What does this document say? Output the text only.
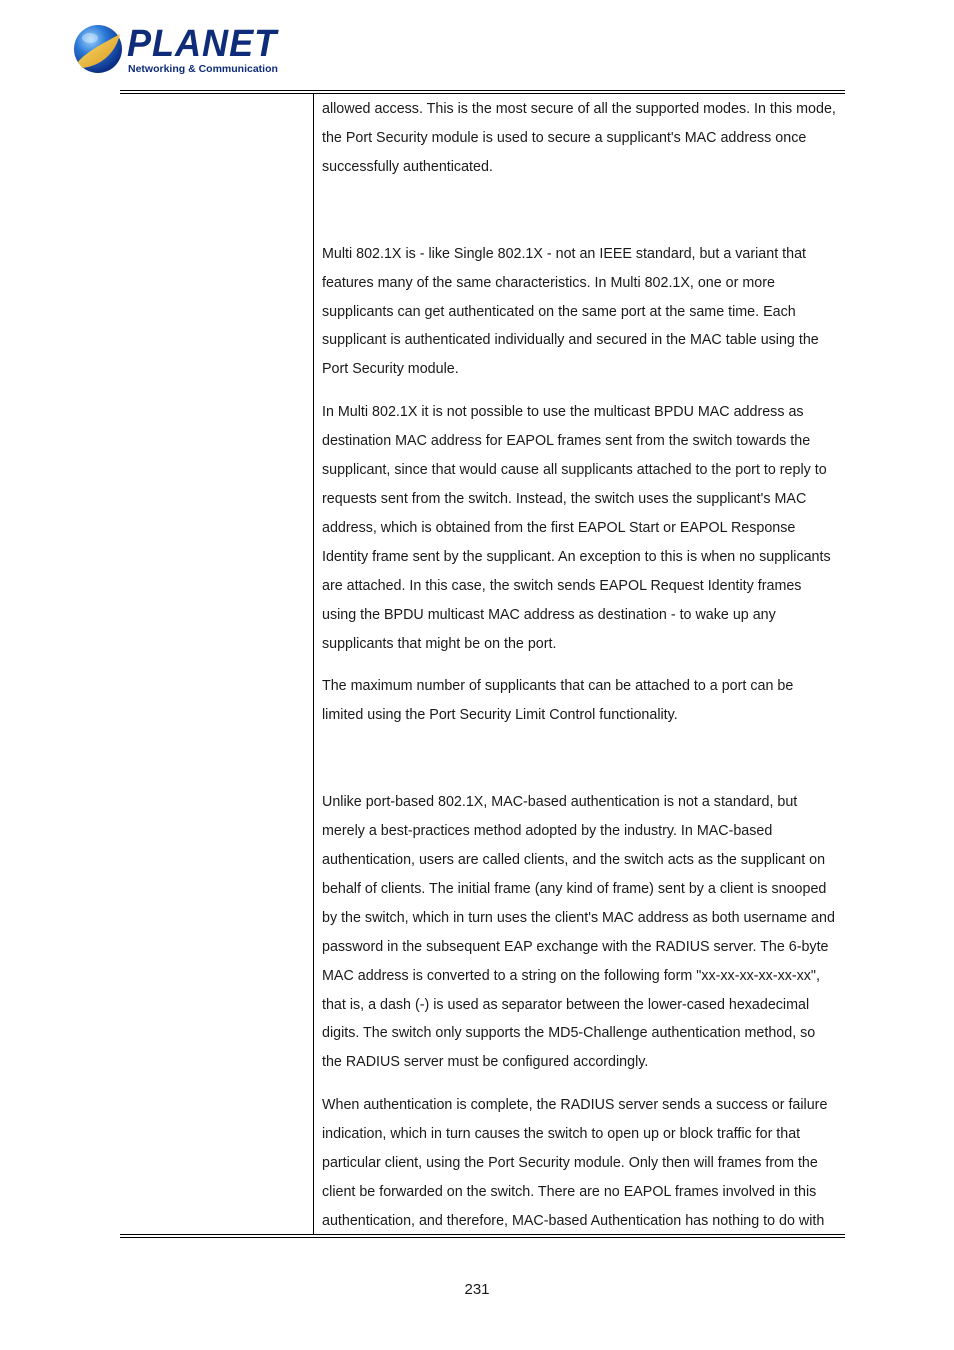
PLANET
Networking & Communication

allowed access. This is the most secure of all the supported modes. In this mode,
the Port Security module is used to secure a supplicant's MAC address once
successfully authenticated.

Multi 802.1X is - like Single 802.1X - not an IEEE standard, but a variant that
features many of the same characteristics. In Multi 802.1X, one or more
supplicants can get authenticated on the same port at the same time. Each
supplicant is authenticated individually and secured in the MAC table using the
Port Security module.

In Multi 802.1X it is not possible to use the multicast BPDU MAC address as
destination MAC address for EAPOL frames sent from the switch towards the
supplicant, since that would cause all supplicants attached to the port to reply to
requests sent from the switch. Instead, the switch uses the supplicant's MAC
address, which is obtained from the first EAPOL Start or EAPOL Response
Identity frame sent by the supplicant. An exception to this is when no supplicants
are attached. In this case, the switch sends EAPOL Request Identity frames
using the BPDU multicast MAC address as destination - to wake up any
supplicants that might be on the port.

The maximum number of supplicants that can be attached to a port can be
limited using the Port Security Limit Control functionality.

Unlike port-based 802.1X, MAC-based authentication is not a standard, but
merely a best-practices method adopted by the industry. In MAC-based
authentication, users are called clients, and the switch acts as the supplicant on
behalf of clients. The initial frame (any kind of frame) sent by a client is snooped
by the switch, which in turn uses the client's MAC address as both username and
password in the subsequent EAP exchange with the RADIUS server. The 6-byte
MAC address is converted to a string on the following form "xx-xx-xx-xx-xx-xx",
that is, a dash (-) is used as separator between the lower-cased hexadecimal
digits. The switch only supports the MD5-Challenge authentication method, so
the RADIUS server must be configured accordingly.

When authentication is complete, the RADIUS server sends a success or failure
indication, which in turn causes the switch to open up or block traffic for that
particular client, using the Port Security module. Only then will frames from the
client be forwarded on the switch. There are no EAPOL frames involved in this
authentication, and therefore, MAC-based Authentication has nothing to do with

231
